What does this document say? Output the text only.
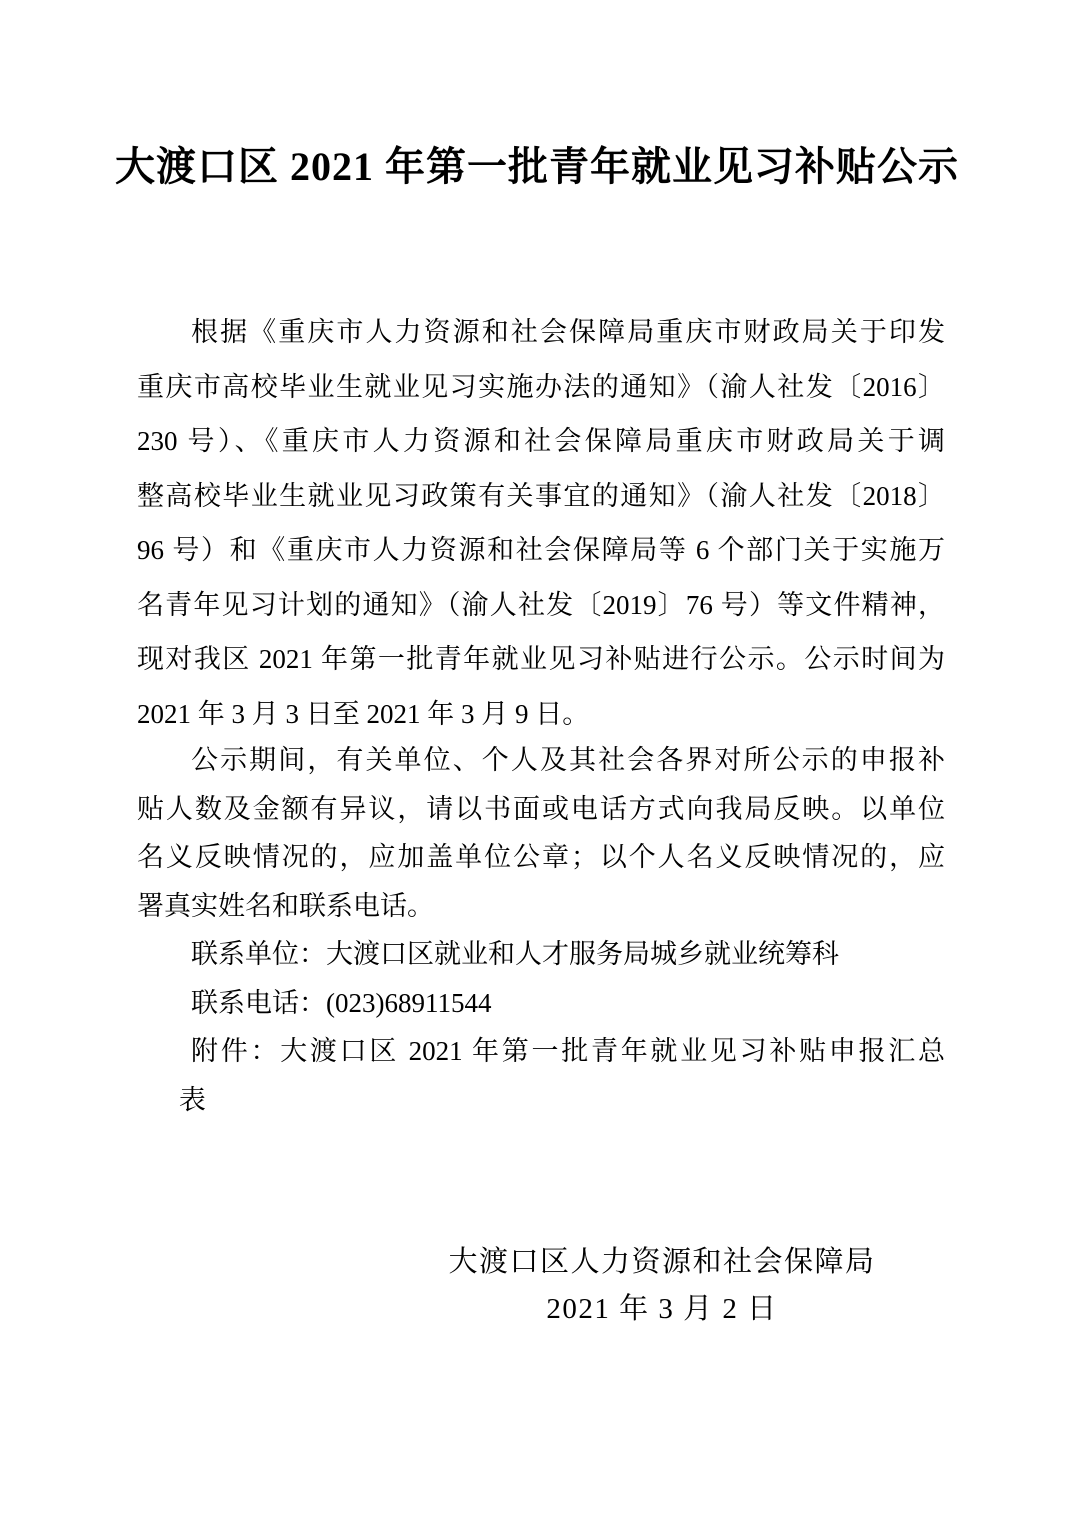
大渡口区 2021 年第一批青年就业见习补贴公示
根据《重庆市人力资源和社会保障局重庆市财政局关于印发
重庆市高校毕业生就业见习实施办法的通知》（渝人社发〔2016〕
230 号）、《重庆市人力资源和社会保障局重庆市财政局关于调
整高校毕业生就业见习政策有关事宜的通知》（渝人社发〔2018〕
96 号）和《重庆市人力资源和社会保障局等 6 个部门关于实施万
名青年见习计划的通知》（渝人社发〔2019〕76 号）等文件精神，
现对我区 2021 年第一批青年就业见习补贴进行公示。公示时间为
2021 年 3 月 3 日至 2021 年 3 月 9 日。
公示期间，有关单位、个人及其社会各界对所公示的申报补
贴人数及金额有异议，请以书面或电话方式向我局反映。以单位
名义反映情况的，应加盖单位公章；以个人名义反映情况的，应
署真实姓名和联系电话。
联系单位：大渡口区就业和人才服务局城乡就业统筹科
联系电话：(023)68911544
附件：大渡口区 2021 年第一批青年就业见习补贴申报汇总
表
大渡口区人力资源和社会保障局
2021 年 3 月 2 日
